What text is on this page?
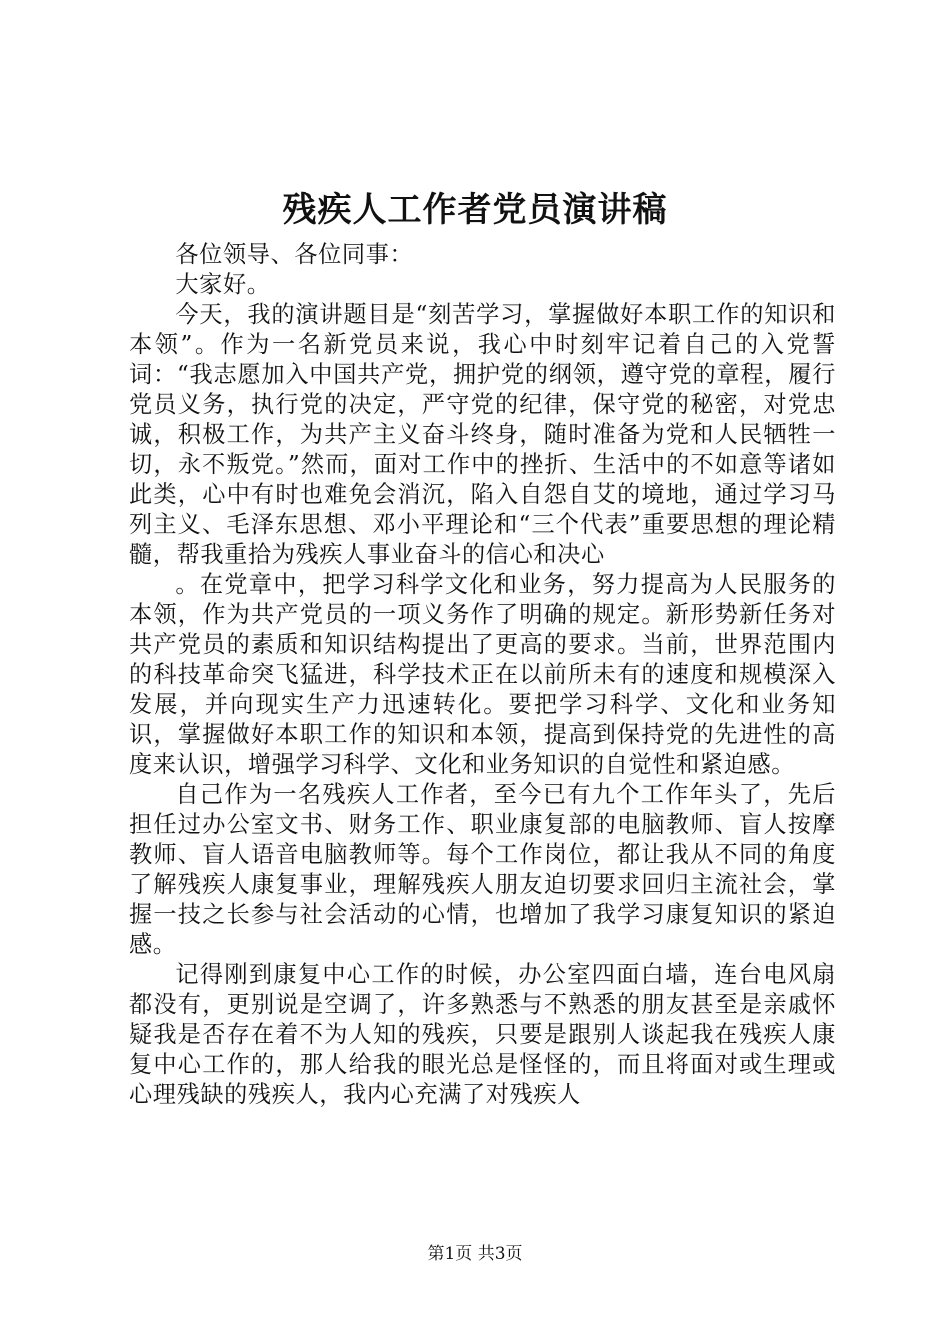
残疾人工作者党员演讲稿

各位领导、各位同事：

大家好。

今天，我的演讲题目是“刻苦学习，掌握做好本职工作的知识和本领”。作为一名新党员来说，我心中时刻牢记着自己的入党誓词：“我志愿加入中国共产党，拥护党的纲领，遵守党的章程，履行党员义务，执行党的决定，严守党的纪律，保守党的秘密，对党忠诚，积极工作，为共产主义奋斗终身，随时准备为党和人民牺牲一切，永不叛党。”然而，面对工作中的挫折、生活中的不如意等诸如此类，心中有时也难免会消沉，陷入自怨自艾的境地，通过学习马列主义、毛泽东思想、邓小平理论和“三个代表”重要思想的理论精髓，帮我重拾为残疾人事业奋斗的信心和决心

。在党章中，把学习科学文化和业务，努力提高为人民服务的本领，作为共产党员的一项义务作了明确的规定。新形势新任务对共产党员的素质和知识结构提出了更高的要求。当前，世界范围内的科技革命突飞猛进，科学技术正在以前所未有的速度和规模深入发展，并向现实生产力迅速转化。要把学习科学、文化和业务知识，掌握做好本职工作的知识和本领，提高到保持党的先进性的高度来认识，增强学习科学、文化和业务知识的自觉性和紧迫感。

自己作为一名残疾人工作者，至今已有九个工作年头了，先后担任过办公室文书、财务工作、职业康复部的电脑教师、盲人按摩教师、盲人语音电脑教师等。每个工作岗位，都让我从不同的角度了解残疾人康复事业，理解残疾人朋友迫切要求回归主流社会，掌握一技之长参与社会活动的心情，也增加了我学习康复知识的紧迫感。

记得刚到康复中心工作的时候，办公室四面白墙，连台电风扇都没有，更别说是空调了，许多熟悉与不熟悉的朋友甚至是亲戚怀疑我是否存在着不为人知的残疾，只要是跟别人谈起我在残疾人康复中心工作的，那人给我的眼光总是怪怪的，而且将面对或生理或心理残缺的残疾人，我内心充满了对残疾人

第1页 共3页
